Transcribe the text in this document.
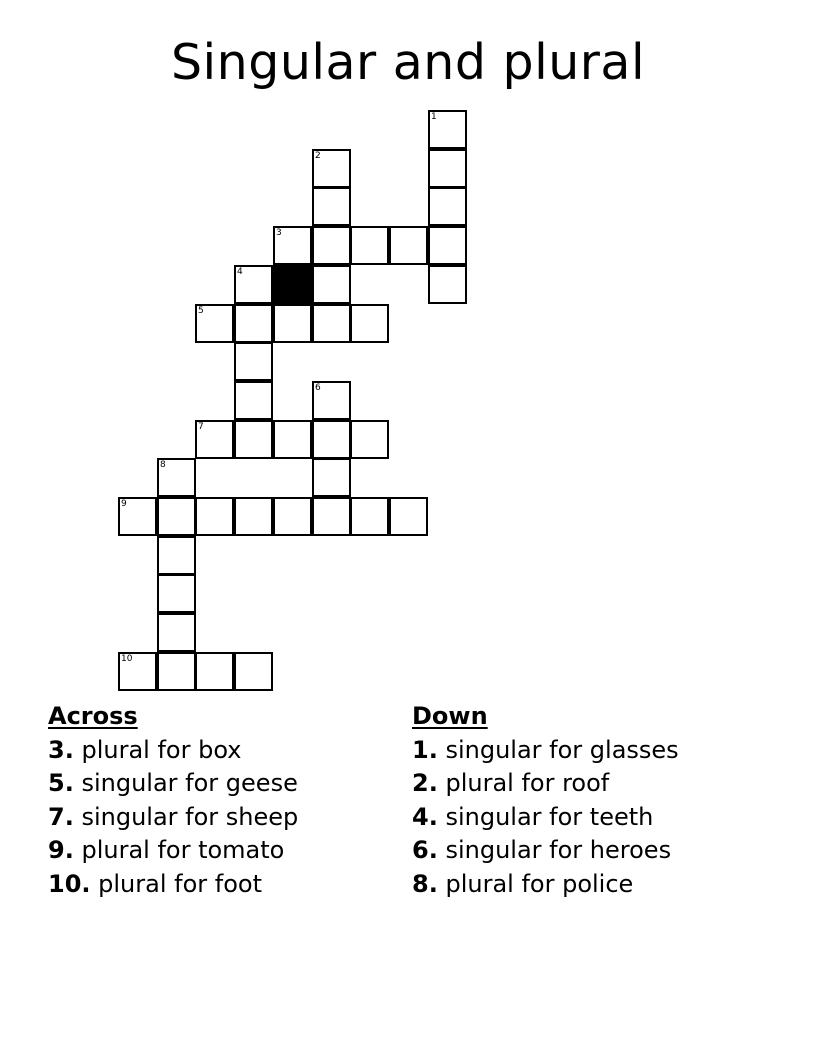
Singular and plural
1
2
3
4
5
6
7
8
9
10
Across
3. plural for box
5. singular for geese
7. singular for sheep
9. plural for tomato
10. plural for foot
Down
1. singular for glasses
2. plural for roof
4. singular for teeth
6. singular for heroes
8. plural for police
